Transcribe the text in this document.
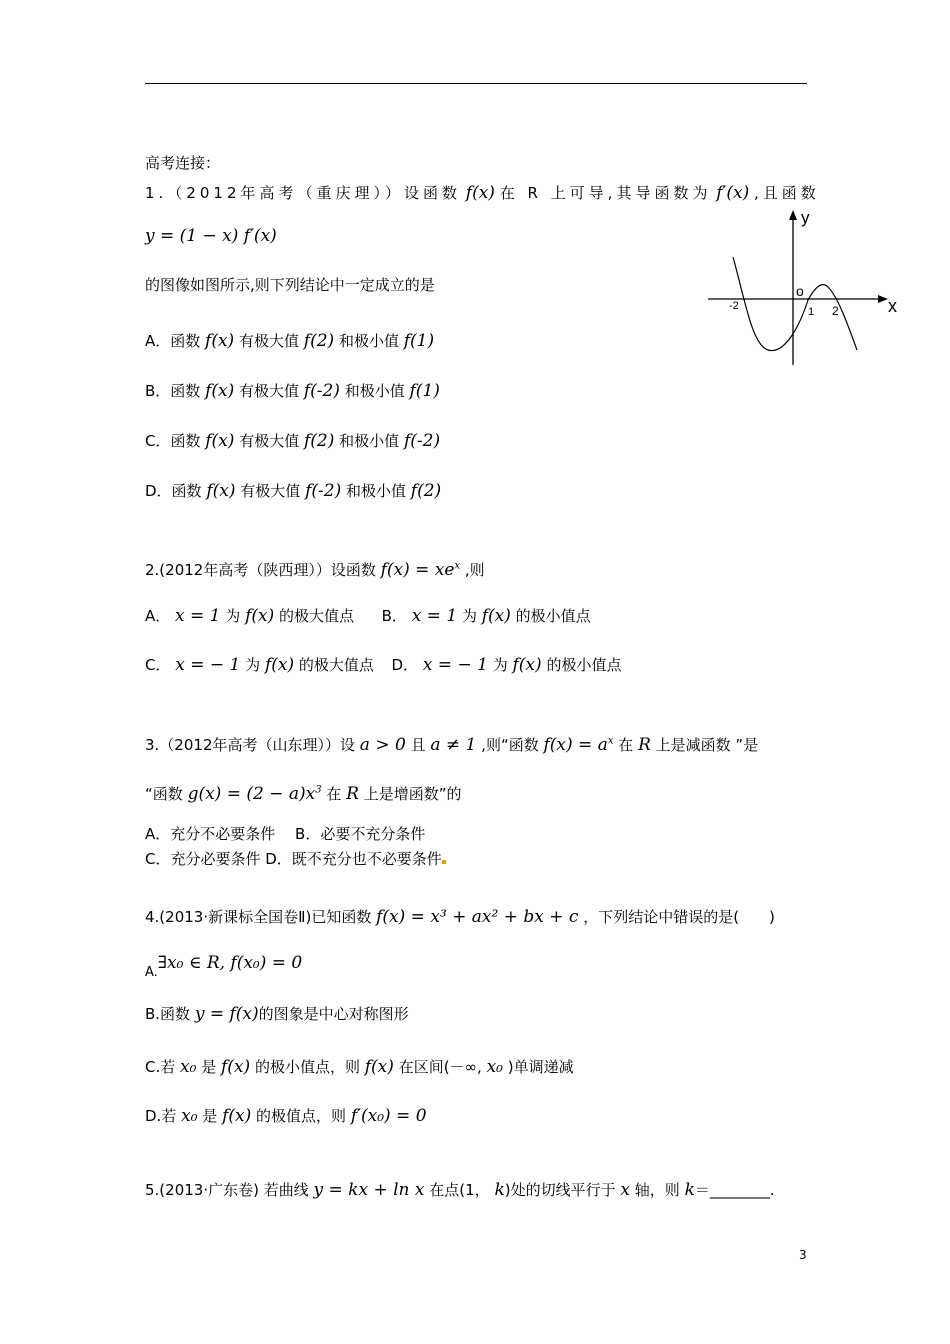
高考连接：
1.（2012年高考（重庆理））设函数 f(x) 在 R 上可导,其导函数为 f′(x) ,且函数
y = (1 − x) f′(x)
的图像如图所示,则下列结论中一定成立的是
x
y
o
-2	1 2
A．函数 f(x) 有极大值 f(2) 和极小值 f(1)
B．函数 f(x) 有极大值 f(-2) 和极小值 f(1)
C．函数 f(x) 有极大值 f(2) 和极小值 f(-2)
D．函数 f(x) 有极大值 f(-2) 和极小值 f(2)
2.(2012年高考（陕西理））设函数 $f(x) = xe^x$ ,则
A． x = 1 为 f(x) 的极大值点 B． x = 1 为 f(x) 的极小值点
C． x = − 1 为 f(x) 的极大值点 D． x = − 1 为 f(x) 的极小值点
3.（2012年高考（山东理））设 a > 0 且 a ≠ 1 ,则“函数 $f(x) = a^x$ 在 R 上是减函数 ”是
“函数 $g(x) = (2 - a)x^3$ 在 R 上是增函数”的
A．充分不必要条件　 B．必要不充分条件
C．充分必要条件 D．既不充分也不必要条件
4.(2013·新课标全国卷Ⅱ)已知函数 f(x) = x³ + ax² + bx + c ，下列结论中错误的是(　　)
A.∃x₀ ∈ R, f(x₀) = 0
B.函数 y = f(x)的图象是中心对称图形
C.若 x₀ 是 f(x) 的极小值点，则 f(x) 在区间(－∞, x₀ )单调递减
D.若 x₀ 是 f(x) 的极值点，则 f′(x₀) = 0
5.(2013·广东卷) 若曲线 y = kx + ln x 在点(1， k)处的切线平行于 x 轴，则 k＝________.
3
